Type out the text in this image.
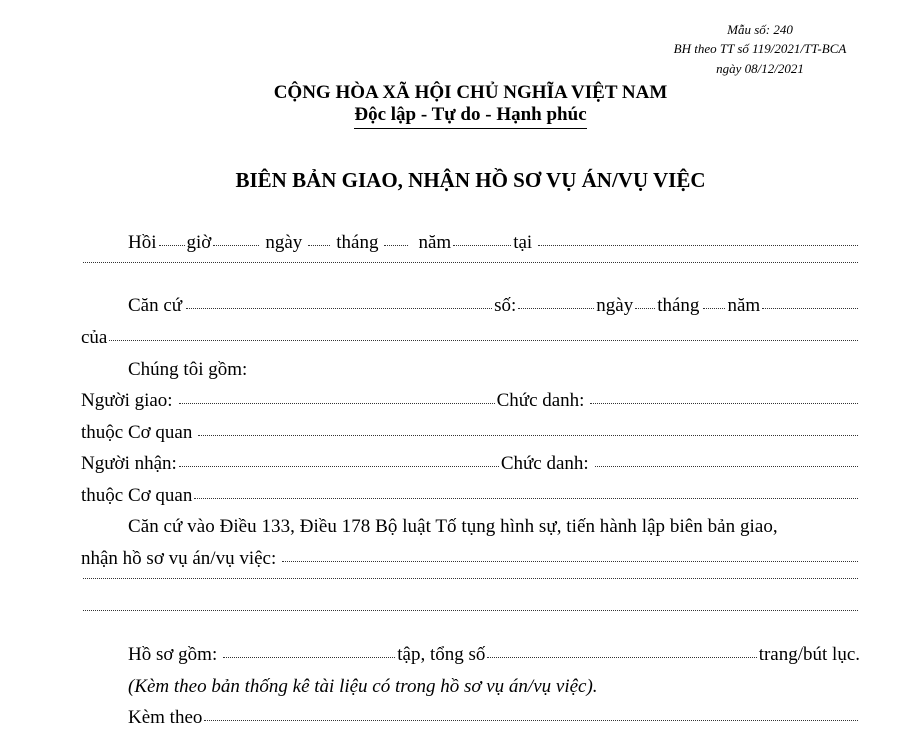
Mẫu số: 240
BH theo TT số 119/2021/TT-BCA
ngày 08/12/2021
CỘNG HÒA XÃ HỘI CHỦ NGHĨA VIỆT NAM
Độc lập - Tự do - Hạnh phúc
BIÊN BẢN GIAO, NHẬN HỒ SƠ VỤ ÁN/VỤ VIỆC
Hồi giờ	ngày tháng năm	tại
Căn cứ	số:	ngày tháng năm
của
Chúng tôi gồm:
Người giao:	Chức danh:
thuộc Cơ quan
Người nhận:	Chức danh:
thuộc Cơ quan
Căn cứ vào Điều 133, Điều 178 Bộ luật Tố tụng hình sự, tiến hành lập biên bản giao,
nhận hồ sơ vụ án/vụ việc:
Hồ sơ gồm:	tập, tổng số	trang/bút lục.
(Kèm theo bản thống kê tài liệu có trong hồ sơ vụ án/vụ việc).
Kèm theo
